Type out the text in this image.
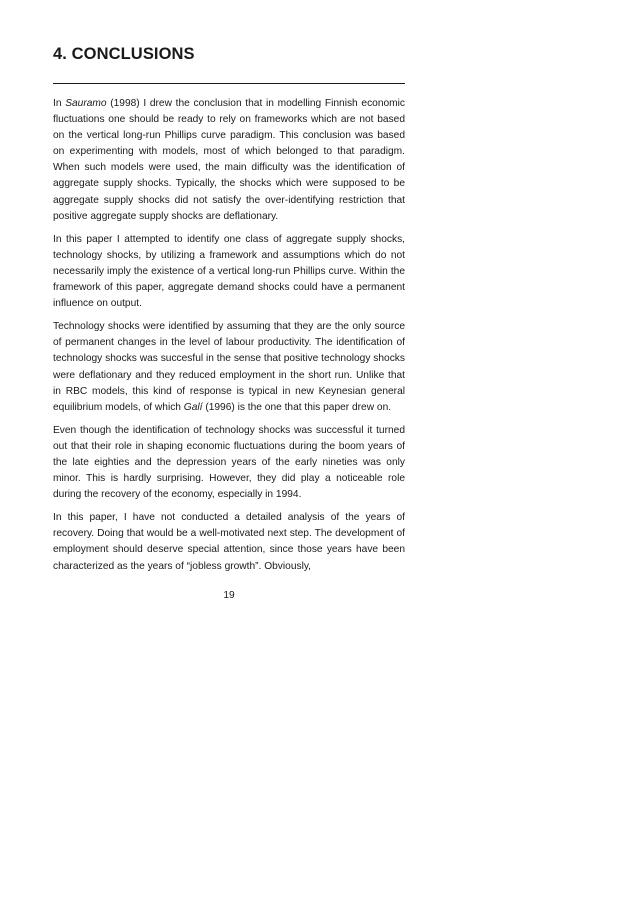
4. CONCLUSIONS

In Sauramo (1998) I drew the conclusion that in modelling Finnish economic fluctuations one should be ready to rely on frameworks which are not based on the vertical long-run Phillips curve paradigm. This conclusion was based on experimenting with models, most of which belonged to that paradigm. When such models were used, the main difficulty was the identification of aggregate supply shocks. Typically, the shocks which were supposed to be aggregate supply shocks did not satisfy the over-identifying restriction that positive aggregate supply shocks are deflationary.

In this paper I attempted to identify one class of aggregate supply shocks, technology shocks, by utilizing a framework and assumptions which do not necessarily imply the existence of a vertical long-run Phillips curve. Within the framework of this paper, aggregate demand shocks could have a permanent influence on output.

Technology shocks were identified by assuming that they are the only source of permanent changes in the level of labour productivity. The identification of technology shocks was succesful in the sense that positive technology shocks were deflationary and they reduced employment in the short run. Unlike that in RBC models, this kind of response is typical in new Keynesian general equilibrium models, of which Galí (1996) is the one that this paper drew on.

Even though the identification of technology shocks was successful it turned out that their role in shaping economic fluctuations during the boom years of the late eighties and the depression years of the early nineties was only minor. This is hardly surprising. However, they did play a noticeable role during the recovery of the economy, especially in 1994.

In this paper, I have not conducted a detailed analysis of the years of recovery. Doing that would be a well-motivated next step. The development of employment should deserve special attention, since those years have been characterized as the years of “jobless growth”. Obviously,

19
